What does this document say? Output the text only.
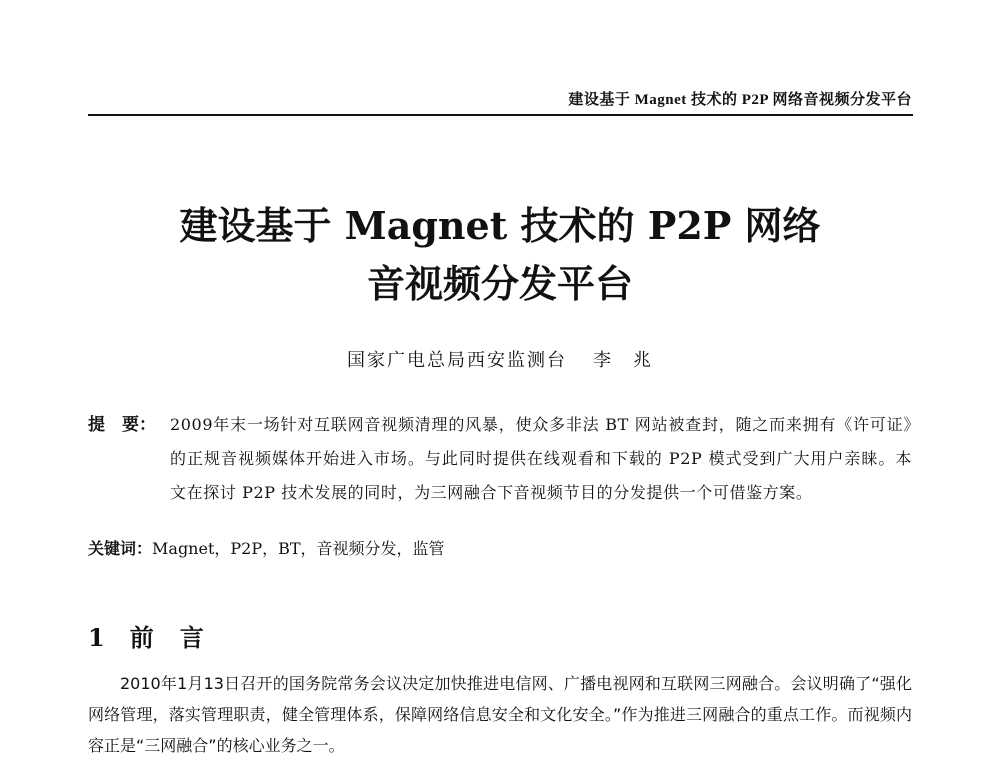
建设基于 Magnet 技术的 P2P 网络音视频分发平台
建设基于 Magnet 技术的 P2P 网络
音视频分发平台
国家广电总局西安监测台 李　兆
提　要： 2009年末一场针对互联网音视频清理的风暴，使众多非法 BT 网站被查封，随之而来拥有《许可证》的正规音视频媒体开始进入市场。与此同时提供在线观看和下载的 P2P 模式受到广大用户亲睐。本文在探讨 P2P 技术发展的同时，为三网融合下音视频节目的分发提供一个可借鉴方案。
关键词：Magnet，P2P，BT，音视频分发，监管
1 前　言
2010年1月13日召开的国务院常务会议决定加快推进电信网、广播电视网和互联网三网融合。会议明确了“强化网络管理，落实管理职责，健全管理体系，保障网络信息安全和文化安全。”作为推进三网融合的重点工作。而视频内容正是“三网融合”的核心业务之一。
